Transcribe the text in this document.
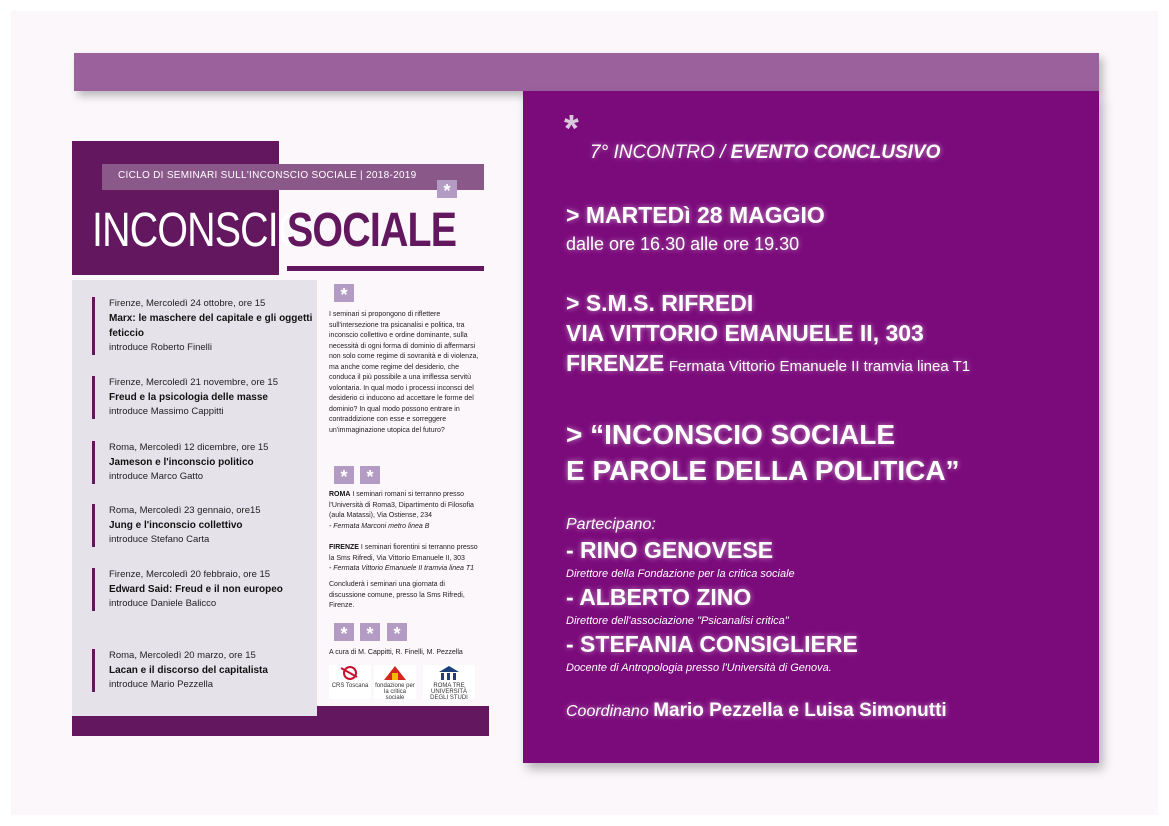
CICLO DI SEMINARI SULL'INCONSCIO SOCIALE | 2018-2019
*
INCONSCIO
SOCIALE
Firenze, Mercoledì 24 ottobre, ore 15
Marx: le maschere del capitale e gli oggetti feticcio
introduce Roberto Finelli
Firenze, Mercoledì 21 novembre, ore 15
Freud e la psicologia delle masse
introduce Massimo Cappitti
Roma, Mercoledì 12 dicembre, ore 15
Jameson e l'inconscio politico
introduce Marco Gatto
Roma, Mercoledì 23 gennaio, ore15
Jung e l'inconscio collettivo
introduce Stefano Carta
Firenze, Mercoledì 20 febbraio, ore 15
Edward Said: Freud e il non europeo
introduce Daniele Balicco
Roma, Mercoledì 20 marzo, ore 15
Lacan e il discorso del capitalista
introduce Mario Pezzella
*
I seminari si propongono di riflettere sull'intersezione tra psicanalisi e politica, tra inconscio collettivo e ordine dominante, sulla necessità di ogni forma di dominio di affermarsi non solo come regime di sovranità e di violenza, ma anche come regime del desiderio, che conduca il più possibile a una irriflessa servitù volontaria. In qual modo i processi inconsci del desiderio ci inducono ad accettare le forme del dominio? In qual modo possono entrare in contraddizione con esse e sorreggere un'immaginazione utopica del futuro?
*	*
ROMA I seminari romani si terranno presso l'Università di Roma3, Dipartimento di Filosofia (aula Matassi), Via Ostiense, 234
- Fermata Marconi metro linea B
FIRENZE I seminari fiorentini si terranno presso la Sms Rifredi, Via Vittorio Emanuele II, 303
- Fermata Vittorio Emanuele II tramvia linea T1
Concluderà i seminari una giornata di discussione comune, presso la Sms Rifredi, Firenze.
*	*	*
A cura di M. Cappitti, R. Finelli, M. Pezzella
CRS Toscana	fondazione per la critica sociale
ROMA TRE UNIVERSITÀ DEGLI STUDI
*
7° INCONTRO / EVENTO CONCLUSIVO
> MARTEDì 28 MAGGIO
dalle ore 16.30 alle ore 19.30
> S.M.S. RIFREDI
VIA VITTORIO EMANUELE II, 303
FIRENZE Fermata Vittorio Emanuele II tramvia linea T1
> “INCONSCIO SOCIALE
E PAROLE DELLA POLITICA”
Partecipano:
- RINO GENOVESE
Direttore della Fondazione per la critica sociale
- ALBERTO ZINO
Direttore dell'associazione "Psicanalisi critica"
- STEFANIA CONSIGLIERE
Docente di Antropologia presso l'Università di Genova.
Coordinano Mario Pezzella e Luisa Simonutti
